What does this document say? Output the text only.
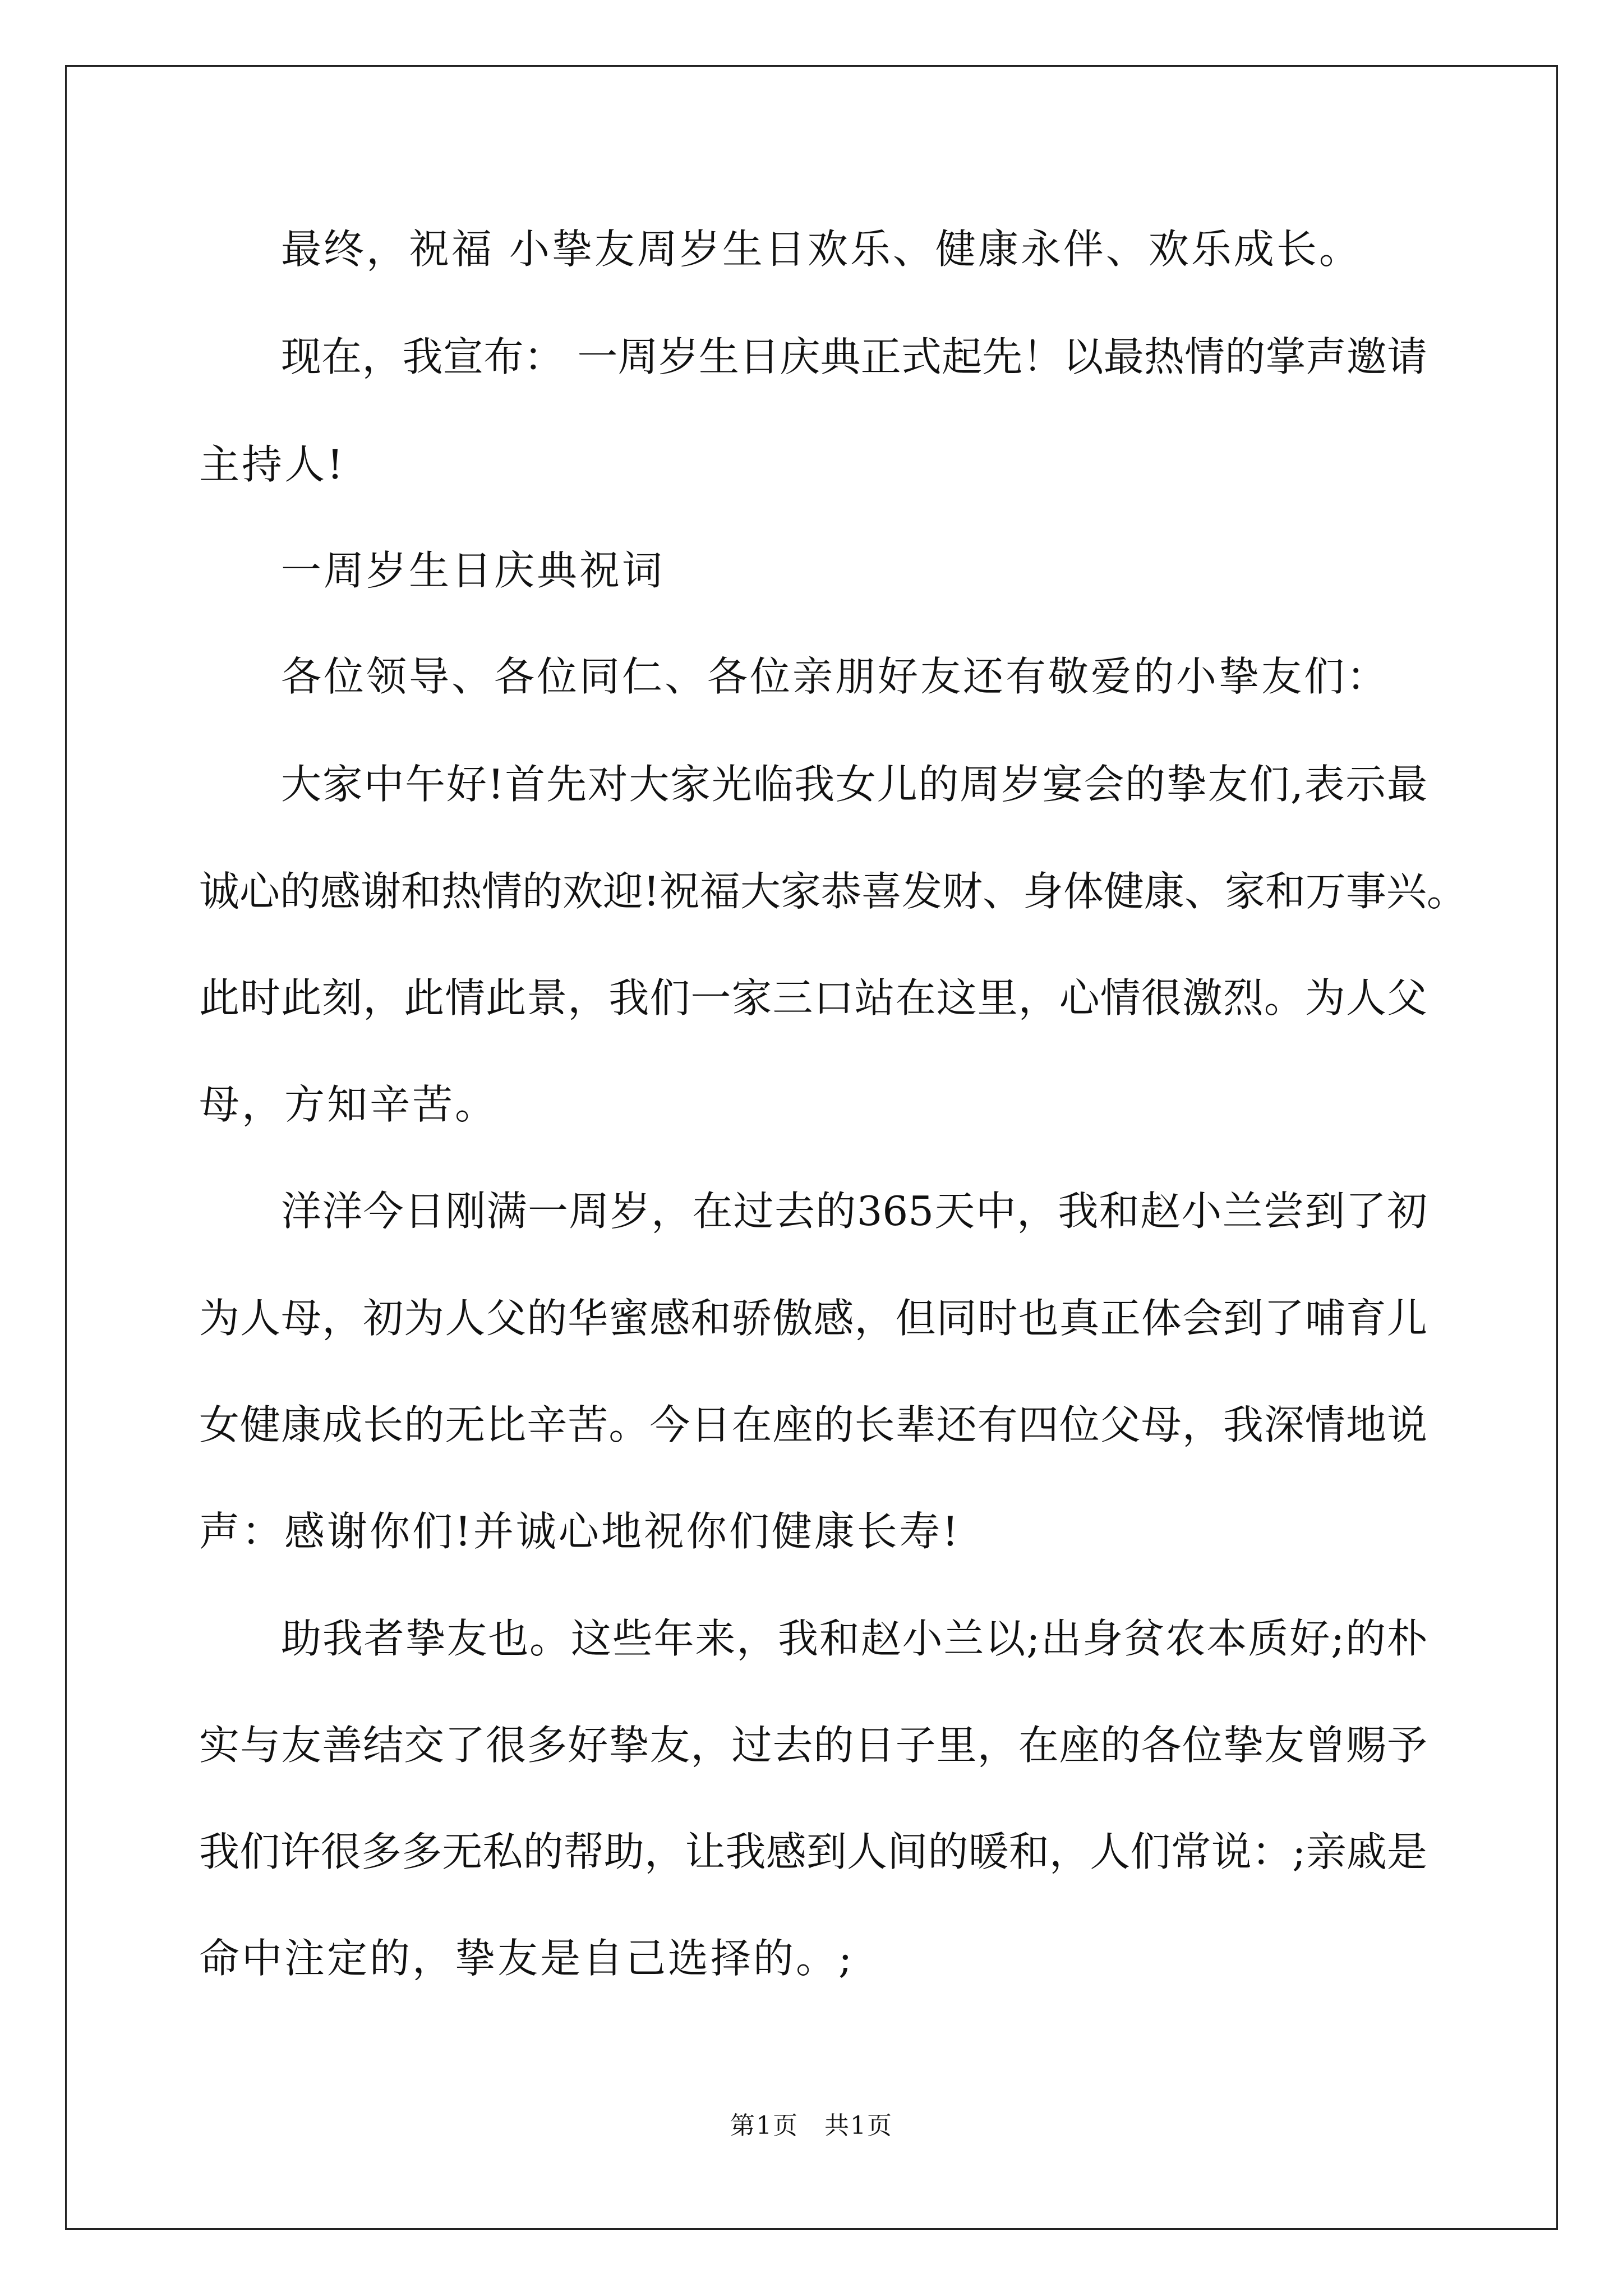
最终，祝福 小挚友周岁生日欢乐、健康永伴、欢乐成长。
现在，我宣布： 一周岁生日庆典正式起先！以最热情的掌声邀请
主持人!
一周岁生日庆典祝词
各位领导、各位同仁、各位亲朋好友还有敬爱的小挚友们：
大家中午好!首先对大家光临我女儿的周岁宴会的挚友们,表示最
诚心的感谢和热情的欢迎!祝福大家恭喜发财、身体健康、家和万事兴。
此时此刻，此情此景，我们一家三口站在这里，心情很激烈。为人父
母，方知辛苦。
洋洋今日刚满一周岁，在过去的365天中，我和赵小兰尝到了初
为人母，初为人父的华蜜感和骄傲感，但同时也真正体会到了哺育儿
女健康成长的无比辛苦。今日在座的长辈还有四位父母，我深情地说
声：感谢你们!并诚心地祝你们健康长寿!
助我者挚友也。这些年来，我和赵小兰以;出身贫农本质好;的朴
实与友善结交了很多好挚友，过去的日子里，在座的各位挚友曾赐予
我们许很多多无私的帮助，让我感到人间的暖和，人们常说：;亲戚是
命中注定的，挚友是自己选择的。;
第1页　共1页
